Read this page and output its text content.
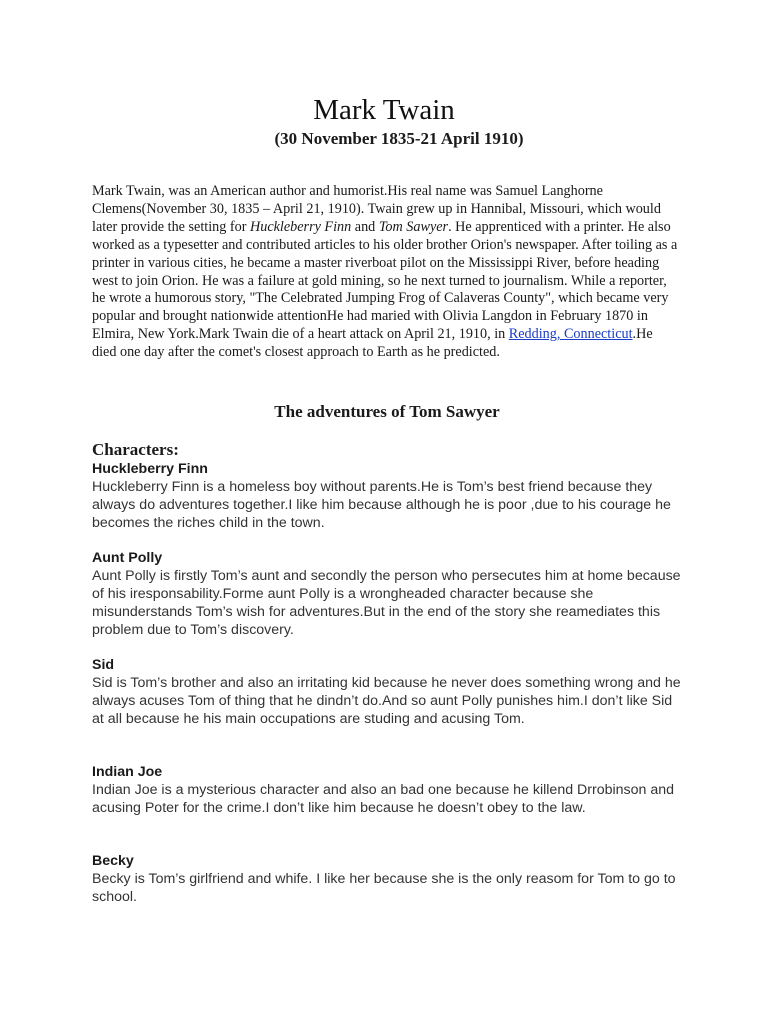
Mark Twain
(30 November 1835-21 April 1910)
Mark Twain, was an American author and humorist.His real name was Samuel Langhorne Clemens(November 30, 1835 – April 21, 1910). Twain grew up in Hannibal, Missouri, which would later provide the setting for Huckleberry Finn and Tom Sawyer. He apprenticed with a printer. He also worked as a typesetter and contributed articles to his older brother Orion's newspaper. After toiling as a printer in various cities, he became a master riverboat pilot on the Mississippi River, before heading west to join Orion. He was a failure at gold mining, so he next turned to journalism. While a reporter, he wrote a humorous story, "The Celebrated Jumping Frog of Calaveras County", which became very popular and brought nationwide attentionHe had maried with Olivia Langdon in February 1870 in Elmira, New York.Mark Twain die of a heart attack on April 21, 1910, in Redding, Connecticut.He died one day after the comet's closest approach to Earth as he predicted.
The adventures of Tom Sawyer
Characters:
Huckleberry Finn
Huckleberry Finn is a homeless boy without parents.He is Tom’s best friend because they always do adventures together.I like him because although he is poor ,due to his courage he becomes the riches child in the town.
Aunt Polly
Aunt Polly is firstly Tom’s aunt and secondly the person who persecutes him at home because of his iresponsability.Forme aunt Polly is a wrongheaded character because she misunderstands Tom’s wish for adventures.But in the end of the story she reamediates this problem due to Tom’s discovery.
Sid
Sid is Tom’s brother and also an irritating kid because he never does something wrong and he always acuses Tom of thing that he dindn’t do.And so aunt Polly punishes him.I don’t like Sid at all because he his main occupations are studing and acusing Tom.
Indian Joe
Indian Joe is a mysterious character and also an bad one because he killend Drrobinson and acusing Poter for the crime.I don’t like him because he doesn’t obey to the law.
Becky
Becky is Tom’s girlfriend and whife. I like her because she is the only reasom for Tom to go to school.
